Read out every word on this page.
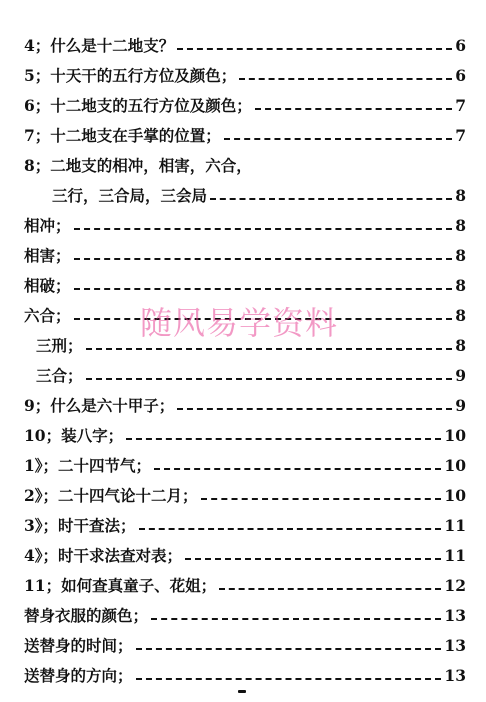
4；什么是十二地支？	6
5；十天干的五行方位及颜色；	6
6；十二地支的五行方位及颜色；	7
7；十二地支在手掌的位置；	7
8；二地支的相冲，相害，六合，
三行，三合局，三会局	8
相冲；	8
相害；	8
相破；	8
六合；	8
三刑；	8
三合；	9
9；什么是六十甲子；	9
10；装八字；	10
1》；二十四节气；	10
2》；二十四气论十二月；	10
3》；时干查法；	11
4》；时干求法查对表；	11
11；如何查真童子、花姐；	12
替身衣服的颜色；	13
送替身的时间；	13
送替身的方向；	13
随风易学资料
